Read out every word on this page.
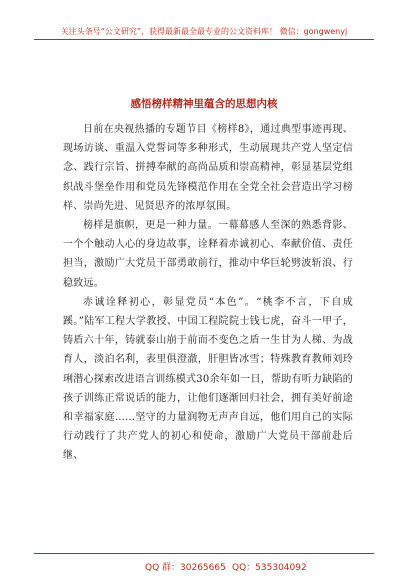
关注头条号“公文研究”，获得最新最全最专业的公文资料库！ 微信：gongwenyj
感悟榜样精神里蕴含的思想内核

日前在央视热播的专题节目《榜样8》，通过典型事迹再现、现场访谈、重温入党誓词等多种形式，生动展现共产党人坚定信念、践行宗旨、拼搏奉献的高尚品质和崇高精神，彰显基层党组织战斗堡垒作用和党员先锋模范作用在全党全社会营造出学习榜样、崇尚先进、见贤思齐的浓厚氛围。

榜样是旗帜，更是一种力量。一幕幕感人至深的熟悉背影、一个个触动人心的身边故事，诠释着赤诚初心、奉献价值、责任担当，激励广大党员干部勇敢前行，推动中华巨轮劈波斩浪、行稳致远。

赤诚诠释初心，彰显党员“本色”。“桃李不言，下自成蹊。”陆军工程大学教授、中国工程院院士钱七虎，奋斗一甲子，铸盾六十年，铸就泰山崩于前而不变色之盾一生甘为人梯、为战育人，淡泊名利，表里俱澄澈，肝胆皆冰雪；特殊教育教师刘玲琍潜心探索改进语言训练模式30余年如一日，帮助有听力缺陷的孩子训练正常说话的能力，让他们逐渐回归社会，拥有美好前途和幸福家庭……坚守的力量润物无声声自远，他们用自己的实际行动践行了共产党人的初心和使命，激励广大党员干部前赴后继、

QQ 群：30265665 QQ：535304092
